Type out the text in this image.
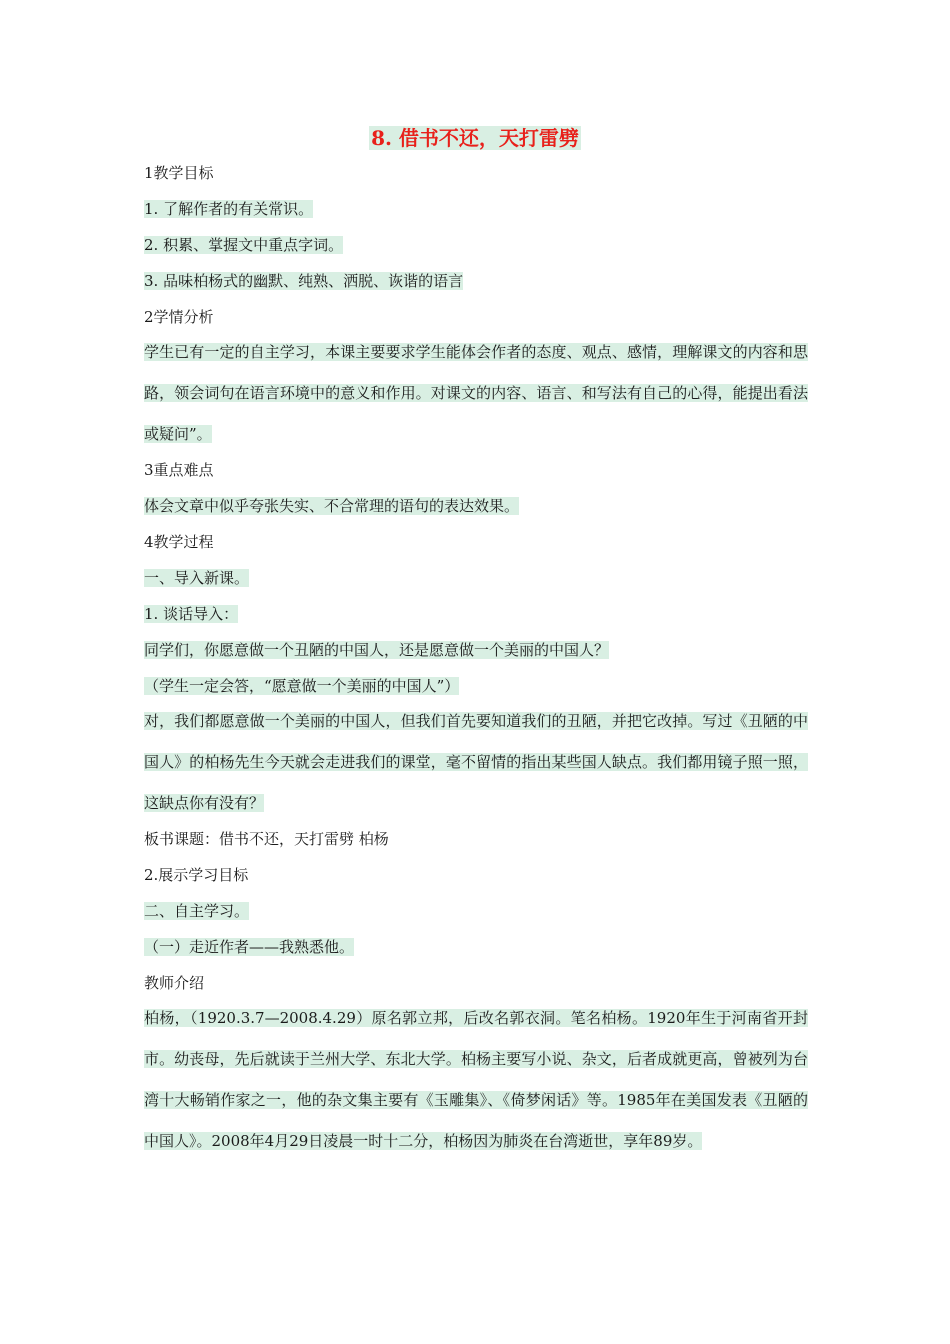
8. 借书不还，天打雷劈
1教学目标
1. 了解作者的有关常识。
2. 积累、掌握文中重点字词。
3. 品味柏杨式的幽默、纯熟、洒脱、诙谐的语言
2学情分析
学生已有一定的自主学习，本课主要要求学生能体会作者的态度、观点、感情，理解课文的内容和思路，领会词句在语言环境中的意义和作用。对课文的内容、语言、和写法有自己的心得，能提出看法或疑问”。
3重点难点
体会文章中似乎夸张失实、不合常理的语句的表达效果。
4教学过程
一、导入新课。
1. 谈话导入：
同学们，你愿意做一个丑陋的中国人，还是愿意做一个美丽的中国人？
（学生一定会答，“愿意做一个美丽的中国人”）
对，我们都愿意做一个美丽的中国人，但我们首先要知道我们的丑陋，并把它改掉。写过《丑陋的中国人》的柏杨先生今天就会走进我们的课堂，毫不留情的指出某些国人缺点。我们都用镜子照一照，这缺点你有没有？
板书课题：借书不还，天打雷劈 柏杨
2.展示学习目标
二、自主学习。
（一）走近作者——我熟悉他。
教师介绍
柏杨，（1920.3.7—2008.4.29）原名郭立邦，后改名郭衣洞。笔名柏杨。1920年生于河南省开封市。幼丧母，先后就读于兰州大学、东北大学。柏杨主要写小说、杂文，后者成就更高，曾被列为台湾十大畅销作家之一，他的杂文集主要有《玉雕集》、《倚梦闲话》等。1985年在美国发表《丑陋的中国人》。2008年4月29日凌晨一时十二分，柏杨因为肺炎在台湾逝世，享年89岁。
